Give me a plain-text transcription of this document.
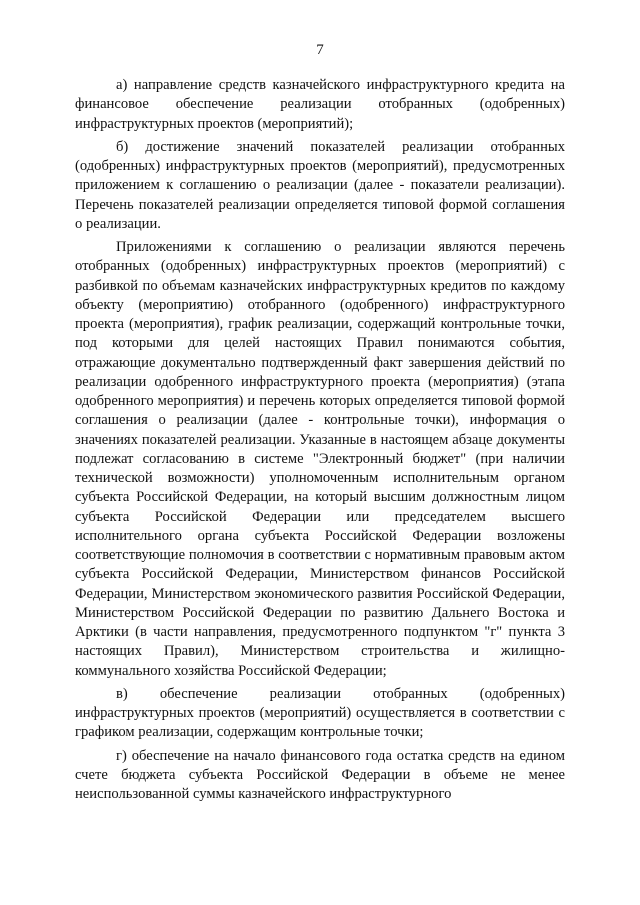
7

а) направление средств казначейского инфраструктурного кредита на финансовое обеспечение реализации отобранных (одобренных) инфраструктурных проектов (мероприятий);

б) достижение значений показателей реализации отобранных (одобренных) инфраструктурных проектов (мероприятий), предусмотренных приложением к соглашению о реализации (далее - показатели реализации). Перечень показателей реализации определяется типовой формой соглашения о реализации.

Приложениями к соглашению о реализации являются перечень отобранных (одобренных) инфраструктурных проектов (мероприятий) с разбивкой по объемам казначейских инфраструктурных кредитов по каждому объекту (мероприятию) отобранного (одобренного) инфраструктурного проекта (мероприятия), график реализации, содержащий контрольные точки, под которыми для целей настоящих Правил понимаются события, отражающие документально подтвержденный факт завершения действий по реализации одобренного инфраструктурного проекта (мероприятия) (этапа одобренного мероприятия) и перечень которых определяется типовой формой соглашения о реализации (далее - контрольные точки), информация о значениях показателей реализации. Указанные в настоящем абзаце документы подлежат согласованию в системе "Электронный бюджет" (при наличии технической возможности) уполномоченным исполнительным органом субъекта Российской Федерации, на который высшим должностным лицом субъекта Российской Федерации или председателем высшего исполнительного органа субъекта Российской Федерации возложены соответствующие полномочия в соответствии с нормативным правовым актом субъекта Российской Федерации, Министерством финансов Российской Федерации, Министерством экономического развития Российской Федерации, Министерством Российской Федерации по развитию Дальнего Востока и Арктики (в части направления, предусмотренного подпунктом "г" пункта 3 настоящих Правил), Министерством строительства и жилищно-коммунального хозяйства Российской Федерации;

в) обеспечение реализации отобранных (одобренных) инфраструктурных проектов (мероприятий) осуществляется в соответствии с графиком реализации, содержащим контрольные точки;

г) обеспечение на начало финансового года остатка средств на едином счете бюджета субъекта Российской Федерации в объеме не менее неиспользованной суммы казначейского инфраструктурного
